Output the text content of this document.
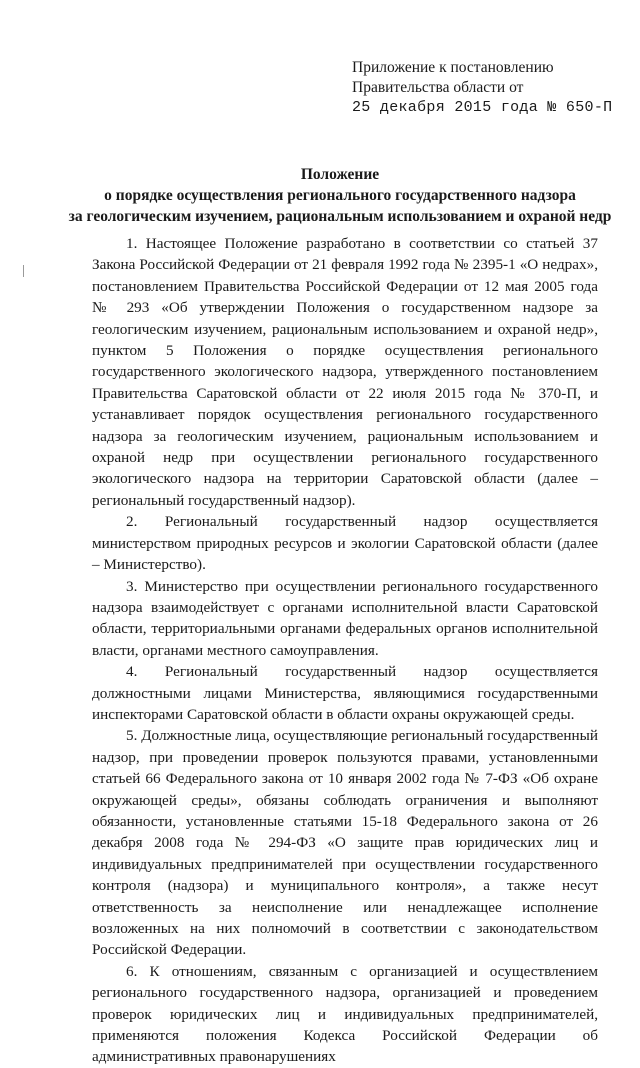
Приложение к постановлению
Правительства области от
25 декабря 2015 года № 650-П
Положение
о порядке осуществления регионального государственного надзора
за геологическим изучением, рациональным использованием и охраной недр

1. Настоящее Положение разработано в соответствии со статьей 37 Закона Российской Федерации от 21 февраля 1992 года № 2395-1 «О недрах», постановлением Правительства Российской Федерации от 12 мая 2005 года № 293 «Об утверждении Положения о государственном надзоре за геологическим изучением, рациональным использованием и охраной недр», пунктом 5 Положения о порядке осуществления регионального государственного экологического надзора, утвержденного постановлением Правительства Саратовской области от 22 июля 2015 года № 370-П, и устанавливает порядок осуществления регионального государственного надзора за геологическим изучением, рациональным использованием и охраной недр при осуществлении регионального государственного экологического надзора на территории Саратовской области (далее – региональный государственный надзор).

2. Региональный государственный надзор осуществляется министерством природных ресурсов и экологии Саратовской области (далее – Министерство).

3. Министерство при осуществлении регионального государственного надзора взаимодействует с органами исполнительной власти Саратовской области, территориальными органами федеральных органов исполнительной власти, органами местного самоуправления.

4. Региональный государственный надзор осуществляется должностными лицами Министерства, являющимися государственными инспекторами Саратовской области в области охраны окружающей среды.

5. Должностные лица, осуществляющие региональный государственный надзор, при проведении проверок пользуются правами, установленными статьей 66 Федерального закона от 10 января 2002 года № 7-ФЗ «Об охране окружающей среды», обязаны соблюдать ограничения и выполняют обязанности, установленные статьями 15-18 Федерального закона от 26 декабря 2008 года № 294-ФЗ «О защите прав юридических лиц и индивидуальных предпринимателей при осуществлении государственного контроля (надзора) и муниципального контроля», а также несут ответственность за неисполнение или ненадлежащее исполнение возложенных на них полномочий в соответствии с законодательством Российской Федерации.

6. К отношениям, связанным с организацией и осуществлением регионального государственного надзора, организацией и проведением проверок юридических лиц и индивидуальных предпринимателей, применяются положения Кодекса Российской Федерации об административных правонарушениях
